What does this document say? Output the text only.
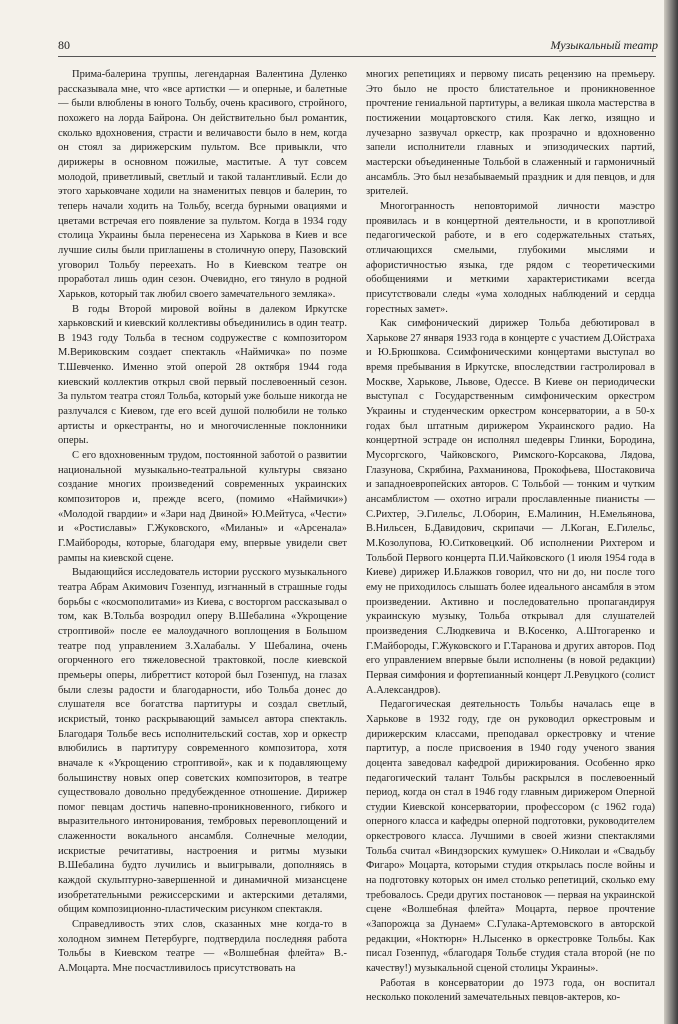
80	Музыкальный театр

Прима-балерина труппы, легендарная Валентина Дуленко рассказывала мне, что «все артистки — и оперные, и балетные — были влюблены в юного Тольбу, очень красивого, стройного, похожего на лорда Байрона. Он действительно был романтик, сколько вдохновения, страсти и величавости было в нем, когда он стоял за дирижерским пультом. Все привыкли, что дирижеры в основном пожилые, маститые. А тут совсем молодой, приветливый, светлый и такой талантливый. Если до этого харьковчане ходили на знаменитых певцов и балерин, то теперь начали ходить на Тольбу, всегда бурными овациями и цветами встречая его появление за пультом. Когда в 1934 году столица Украины была перенесена из Харькова в Киев и все лучшие силы были приглашены в столичную оперу, Пазовский уговорил Тольбу переехать. Но в Киевском театре он проработал лишь один сезон. Очевидно, его тянуло в родной Харьков, который так любил своего замечательного земляка».

В годы Второй мировой войны в далеком Иркутске харьковский и киевский коллективы объединились в один театр. В 1943 году Тольба в тесном содружестве с композитором М.Вериковским создает спектакль «Наймичка» по поэме Т.Шевченко. Именно этой оперой 28 октября 1944 года киевский коллектив открыл свой первый послевоенный сезон. За пультом театра стоял Тольба, который уже больше никогда не разлучался с Киевом, где его всей душой полюбили не только артисты и оркестранты, но и многочисленные поклонники оперы.

С его вдохновенным трудом, постоянной заботой о развитии национальной музыкально-театральной культуры связано создание многих произведений современных украинских композиторов и, прежде всего, (помимо «Наймички») «Молодой гвардии» и «Зари над Двиной» Ю.Мейтуса, «Чести» и «Ростиславы» Г.Жуковского, «Миланы» и «Арсенала» Г.Майбороды, которые, благодаря ему, впервые увидели свет рампы на киевской сцене.

Выдающийся исследователь истории русского музыкального театра Абрам Акимович Гозенпуд, изгнанный в страшные годы борьбы с «космополитами» из Киева, с восторгом рассказывал о том, как В.Тольба возродил оперу В.Шебалина «Укрощение строптивой» после ее малоудачного воплощения в Большом театре под управлением З.Халабалы. У Шебалина, очень огорченного его тяжеловесной трактовкой, после киевской премьеры оперы, либреттист которой был Гозенпуд, на глазах были слезы радости и благодарности, ибо Тольба донес до слушателя все богатства партитуры и создал светлый, искристый, тонко раскрывающий замысел автора спектакль. Благодаря Тольбе весь исполнительский состав, хор и оркестр влюбились в партитуру современного композитора, хотя вначале к «Укрощению строптивой», как и к подавляющему большинству новых опер советских композиторов, в театре существовало довольно предубежденное отношение. Дирижер помог певцам достичь напевно-проникновенного, гибкого и выразительного интонирования, тембровых перевоплощений и слаженности вокального ансамбля. Солнечные мелодии, искристые речитативы, настроения и ритмы музыки В.Шебалина будто лучились и выигрывали, дополняясь в каждой скульптурно-завершенной и динамичной мизансцене изобретательными режиссерскими и актерскими деталями, общим композиционно-пластическим рисунком спектакля.

Справедливость этих слов, сказанных мне когда-то в холодном зимнем Петербурге, подтвердила последняя работа Тольбы в Киевском театре — «Волшебная флейта» В.-А.Моцарта. Мне посчастливилось присутствовать на

многих репетициях и первому писать рецензию на премьеру. Это было не просто блистательное и проникновенное прочтение гениальной партитуры, а великая школа мастерства в постижении моцартовского стиля. Как легко, изящно и лучезарно зазвучал оркестр, как прозрачно и вдохновенно запели исполнители главных и эпизодических партий, мастерски объединенные Тольбой в слаженный и гармоничный ансамбль. Это был незабываемый праздник и для певцов, и для зрителей.

Многогранность неповторимой личности маэстро проявилась и в концертной деятельности, и в кропотливой педагогической работе, и в его содержательных статьях, отличающихся смелыми, глубокими мыслями и афористичностью языка, где рядом с теоретическими обобщениями и меткими характеристиками всегда присутствовали следы «ума холодных наблюдений и сердца горестных замет».

Как симфонический дирижер Тольба дебютировал в Харькове 27 января 1933 года в концерте с участием Д.Ойстраха и Ю.Брюшкова. Ссимфоническими концертами выступал во время пребывания в Иркутске, впоследствии гастролировал в Москве, Харькове, Львове, Одессе. В Киеве он периодически выступал с Государственным симфоническим оркестром Украины и студенческим оркестром консерватории, а в 50-х годах был штатным дирижером Украинского радио. На концертной эстраде он исполнял шедевры Глинки, Бородина, Мусоргского, Чайковского, Римского-Корсакова, Лядова, Глазунова, Скрябина, Рахманинова, Прокофьева, Шостаковича и западноевропейских авторов. С Тольбой — тонким и чутким ансамблистом — охотно играли прославленные пианисты — С.Рихтер, Э.Гилельс, Л.Оборин, Е.Малинин, Н.Емельянова, В.Нильсен, Б.Давидович, скрипачи — Л.Коган, Е.Гилельс, М.Козолупова, Ю.Ситковецкий. Об исполнении Рихтером и Тольбой Первого концерта П.И.Чайковского (1 июля 1954 года в Киеве) дирижер И.Блажков говорил, что ни до, ни после того ему не приходилось слышать более идеального ансамбля в этом произведении. Активно и последовательно пропагандируя украинскую музыку, Тольба открывал для слушателей произведения С.Людкевича и В.Косенко, А.Штогаренко и Г.Майбороды, Г.Жуковского и Г.Таранова и других авторов. Под его управлением впервые были исполнены (в новой редакции) Первая симфония и фортепианный концерт Л.Ревуцкого (солист А.Александров).

Педагогическая деятельность Тольбы началась еще в Харькове в 1932 году, где он руководил оркестровым и дирижерским классами, преподавал оркестровку и чтение партитур, а после присвоения в 1940 году ученого звания доцента заведовал кафедрой дирижирования. Особенно ярко педагогический талант Тольбы раскрылся в послевоенный период, когда он стал в 1946 году главным дирижером Оперной студии Киевской консерватории, профессором (с 1962 года) оперного класса и кафедры оперной подготовки, руководителем оркестрового класса. Лучшими в своей жизни спектаклями Тольба считал «Виндзорских кумушек» О.Николаи и «Свадьбу Фигаро» Моцарта, которыми студия открылась после войны и на подготовку которых он имел столько репетиций, сколько ему требовалось. Среди других постановок — первая на украинской сцене «Волшебная флейта» Моцарта, первое прочтение «Запорожца за Дунаем» С.Гулака-Артемовского в авторской редакции, «Ноктюрн» Н.Лысенко в оркестровке Тольбы. Как писал Гозенпуд, «благодаря Тольбе студия стала второй (не по качеству!) музыкальной сценой столицы Украины».

Работая в консерватории до 1973 года, он воспитал несколько поколений замечательных певцов-актеров, ко-
